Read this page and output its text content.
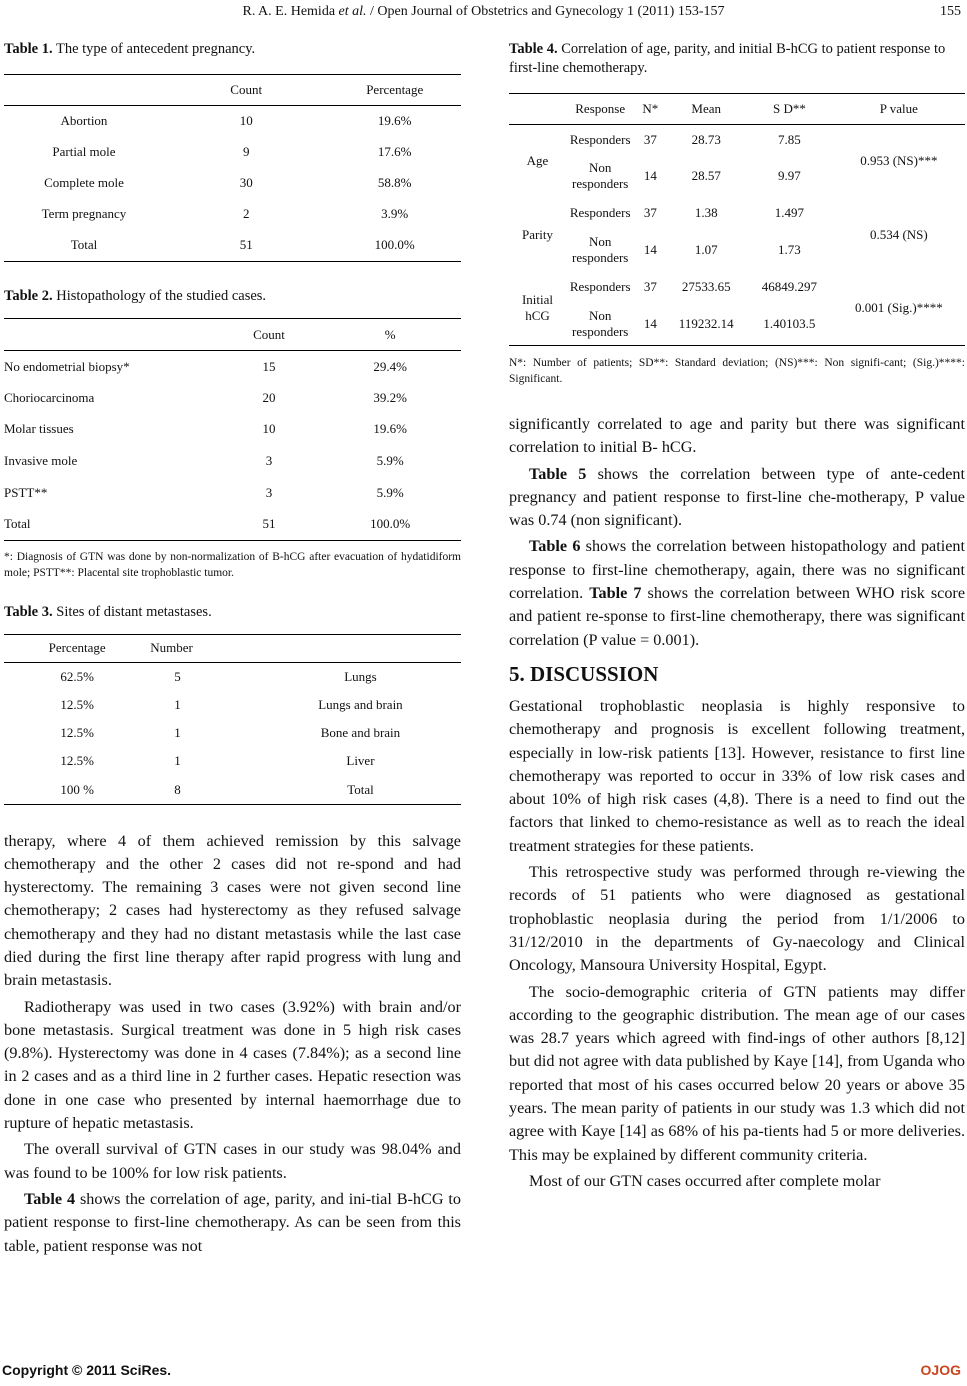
R. A. E. Hemida et al. / Open Journal of Obstetrics and Gynecology 1 (2011) 153-157	155

Table 1. The type of antecedent pregnancy.

	Count	Percentage
Abortion	10	19.6%
Partial mole	9	17.6%
Complete mole	30	58.8%
Term pregnancy	2	3.9%
Total	51	100.0%

Table 2. Histopathology of the studied cases.

	Count	%
No endometrial biopsy*	15	29.4%
Choriocarcinoma	20	39.2%
Molar tissues	10	19.6%
Invasive mole	3	5.9%
PSTT**	3	5.9%
Total	51	100.0%

*: Diagnosis of GTN was done by non-normalization of B-hCG after evacuation of hydatidiform mole; PSTT**: Placental site trophoblastic tumor.

Table 3. Sites of distant metastases.

Percentage	Number	
62.5%	5	Lungs
12.5%	1	Lungs and brain
12.5%	1	Bone and brain
12.5%	1	Liver
100 %	8	Total

therapy, where 4 of them achieved remission by this salvage chemotherapy and the other 2 cases did not re-spond and had hysterectomy. The remaining 3 cases were not given second line chemotherapy; 2 cases had hysterectomy as they refused salvage chemotherapy and they had no distant metastasis while the last case died during the first line therapy after rapid progress with lung and brain metastasis.

Radiotherapy was used in two cases (3.92%) with brain and/or bone metastasis. Surgical treatment was done in 5 high risk cases (9.8%). Hysterectomy was done in 4 cases (7.84%); as a second line in 2 cases and as a third line in 2 further cases. Hepatic resection was done in one case who presented by internal haemorrhage due to rupture of hepatic metastasis.

The overall survival of GTN cases in our study was 98.04% and was found to be 100% for low risk patients.

Table 4 shows the correlation of age, parity, and ini-tial B-hCG to patient response to first-line chemotherapy. As can be seen from this table, patient response was not

Table 4. Correlation of age, parity, and initial B-hCG to patient response to first-line chemotherapy.

	Response	N*	Mean	S D**	P value
Age	Responders	37	28.73	7.85	0.953 (NS)***
	Non responders	14	28.57	9.97	
Parity	Responders	37	1.38	1.497	0.534 (NS)
	Non responders	14	1.07	1.73	
Initial hCG	Responders	37	27533.65	46849.297	0.001 (Sig.)****
	Non responders	14	119232.14	1.40103.5	

N*: Number of patients; SD**: Standard deviation; (NS)***: Non signifi-cant; (Sig.)****: Significant.

significantly correlated to age and parity but there was significant correlation to initial B- hCG.

Table 5 shows the correlation between type of ante-cedent pregnancy and patient response to first-line che-motherapy, P value was 0.74 (non significant).

Table 6 shows the correlation between histopathology and patient response to first-line chemotherapy, again, there was no significant correlation. Table 7 shows the correlation between WHO risk score and patient re-sponse to first-line chemotherapy, there was significant correlation (P value = 0.001).

5. DISCUSSION

Gestational trophoblastic neoplasia is highly responsive to chemotherapy and prognosis is excellent following treatment, especially in low-risk patients [13]. However, resistance to first line chemotherapy was reported to occur in 33% of low risk cases and about 10% of high risk cases (4,8). There is a need to find out the factors that linked to chemo-resistance as well as to reach the ideal treatment strategies for these patients.

This retrospective study was performed through re-viewing the records of 51 patients who were diagnosed as gestational trophoblastic neoplasia during the period from 1/1/2006 to 31/12/2010 in the departments of Gy-naecology and Clinical Oncology, Mansoura University Hospital, Egypt.

The socio-demographic criteria of GTN patients may differ according to the geographic distribution. The mean age of our cases was 28.7 years which agreed with find-ings of other authors [8,12] but did not agree with data published by Kaye [14], from Uganda who reported that most of his cases occurred below 20 years or above 35 years. The mean parity of patients in our study was 1.3 which did not agree with Kaye [14] as 68% of his pa-tients had 5 or more deliveries. This may be explained by different community criteria.

Most of our GTN cases occurred after complete molar

Copyright © 2011 SciRes.	OJOG
